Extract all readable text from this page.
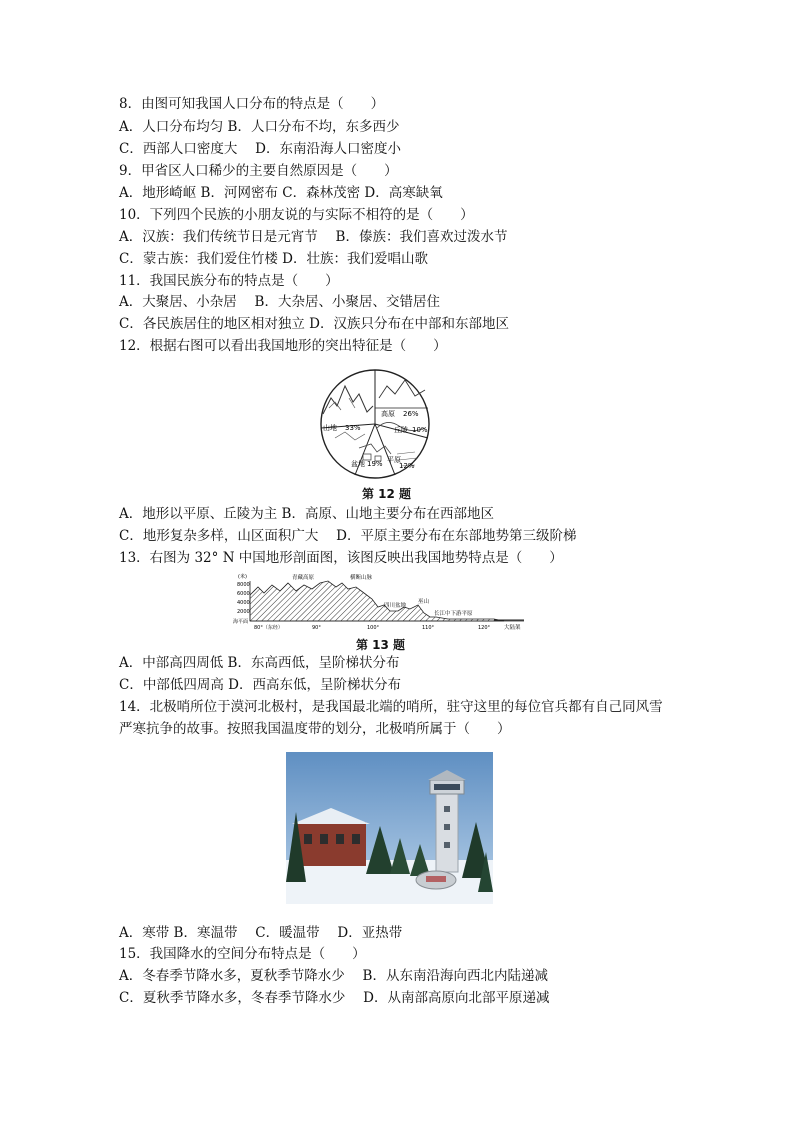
8．由图可知我国人口分布的特点是（　　）
A．人口分布均匀 B．人口分布不均，东多西少
C．西部人口密度大　 D．东南沿海人口密度小
9．甲省区人口稀少的主要自然原因是（　　）
A．地形崎岖 B．河网密布 C．森林茂密 D．高寒缺氧
10．下列四个民族的小朋友说的与实际不相符的是（　　）
A．汉族：我们传统节日是元宵节　 B．傣族：我们喜欢过泼水节
C．蒙古族：我们爱住竹楼 D．壮族：我们爱唱山歌
11．我国民族分布的特点是（　　）
A．大聚居、小杂居　 B．大杂居、小聚居、交错居住
C．各民族居住的地区相对独立 D．汉族只分布在中部和东部地区
12．根据右图可以看出我国地形的突出特征是（　　）
高原 26%
丘陵 10%
山地 33%
盆地 19% 平原
12%
第 12 题
A．地形以平原、丘陵为主 B．高原、山地主要分布在西部地区
C．地形复杂多样，山区面积广大　 D．平原主要分布在东部地势第三级阶梯
13．右图为 32° N 中国地形剖面图，该图反映出我国地势特点是（　　）
(米)
8000
6000
4000
2000
海平面
青藏高原	横断山脉
四川盆地
巫山
长江中下游平原
大陆架
80°（东经）	90°	100°	110°	120°
第 13 题
A．中部高四周低 B．东高西低，呈阶梯状分布
C．中部低四周高 D．西高东低，呈阶梯状分布
14．北极哨所位于漠河北极村，是我国最北端的哨所，驻守这里的每位官兵都有自己同风雪
严寒抗争的故事。按照我国温度带的划分，北极哨所属于（　　）
A．寒带 B．寒温带　 C．暖温带　 D．亚热带
15．我国降水的空间分布特点是（　　）
A．冬春季节降水多，夏秋季节降水少　 B．从东南沿海向西北内陆递减
C．夏秋季节降水多，冬春季节降水少　 D．从南部高原向北部平原递减
